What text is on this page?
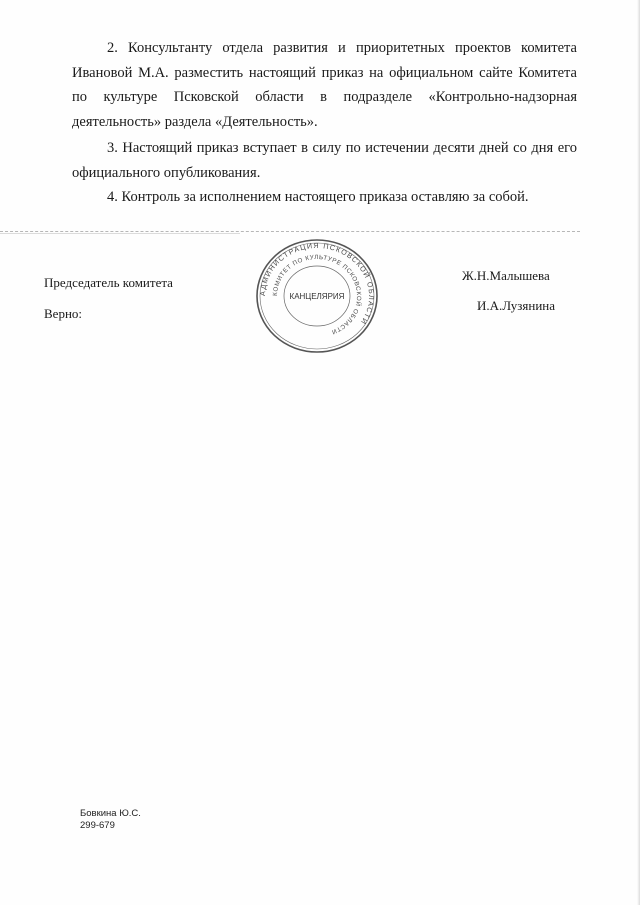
2. Консультанту отдела развития и приоритетных проектов комитета Ивановой М.А. разместить настоящий приказ на официальном сайте Комитета по культуре Псковской области в подразделе «Контрольно-надзорная деятельность» раздела «Деятельность».

3. Настоящий приказ вступает в силу по истечении десяти дней со дня его официального опубликования.

4. Контроль за исполнением настоящего приказа оставляю за собой.

Председатель комитета
Верно:
Ж.Н.Малышева
И.А.Лузянина
АДМИНИСТРАЦИЯ ПСКОВСКОЙ ОБЛАСТИ
КОМИТЕТ ПО КУЛЬТУРЕ ПСКОВСКОЙ ОБЛАСТИ
КАНЦЕЛЯРИЯ
Бовкина Ю.С.
299-679
